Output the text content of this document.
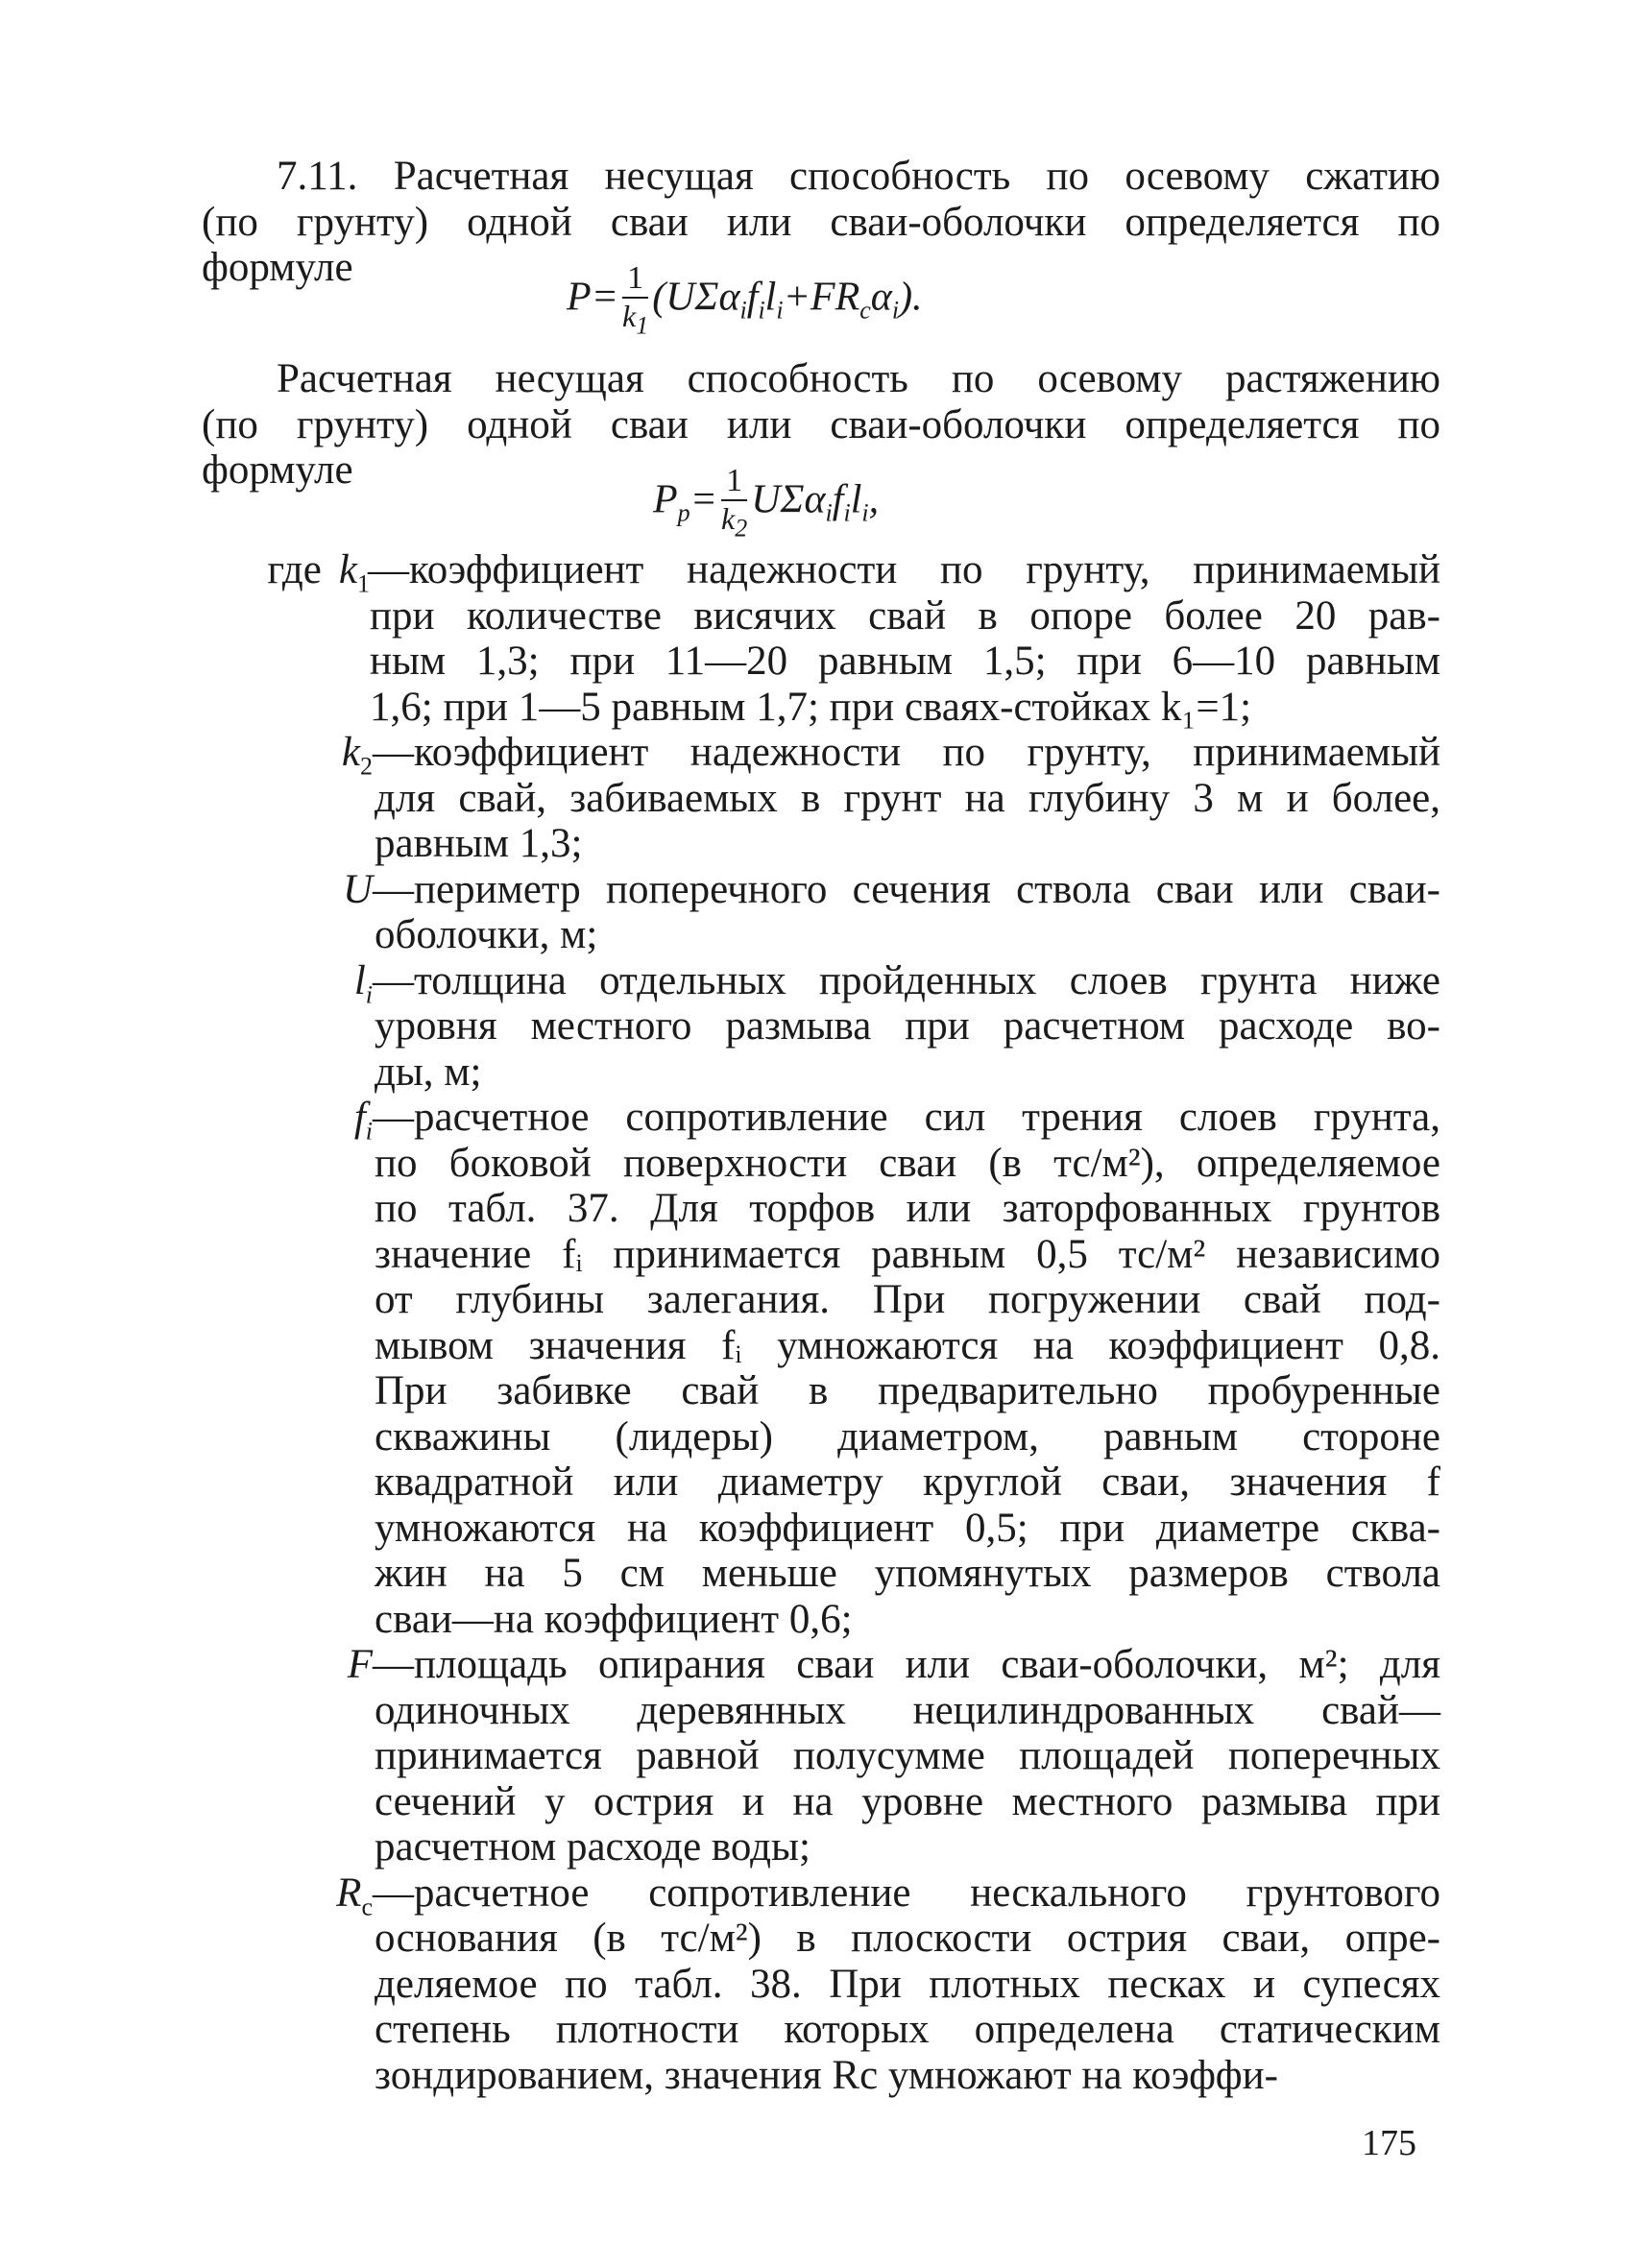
7.11. Расчетная несущая способность по осевому сжатию

(по грунту) одной сваи или сваи-оболочки определяется по

формуле
$P= \frac{1}{k_1} (U\Sigma\alpha_if_il_i+FR_c\alpha_i)$.

Расчетная несущая способность по осевому растяжению

(по грунту) одной сваи или сваи-оболочки определяется по

формуле
$P_p= \frac{1}{k_2} U\Sigma\alpha_if_il_i$,
где $k_1$

—коэффициент надежности по грунту, принимаемый

при количестве висячих свай в опоре более 20 рав-

ным 1,3; при 11—20 равным 1,5; при 6—10 равным

1,6; при 1—5 равным 1,7; при сваях-стойках k₁=1;

$k_2$ —коэффициент надежности по грунту, принимаемый

для свай, забиваемых в грунт на глубину 3 м и более,

равным 1,3;

U —периметр поперечного сечения ствола сваи или сваи-

оболочки, м;

$l_i$ —толщина отдельных пройденных слоев грунта ниже

уровня местного размыва при расчетном расходе во-

ды, м;

$f_i$ —расчетное сопротивление сил трения слоев грунта,

по боковой поверхности сваи (в тс/м²), определяемое

по табл. 37. Для торфов или заторфованных грунтов

значение fᵢ принимается равным 0,5 тс/м² независимо

от глубины залегания. При погружении свай под-

мывом значения fᵢ умножаются на коэффициент 0,8.

При забивке свай в предварительно пробуренные

скважины (лидеры) диаметром, равным стороне

квадратной или диаметру круглой сваи, значения f

умножаются на коэффициент 0,5; при диаметре сква-

жин на 5 см меньше упомянутых размеров ствола

сваи—на коэффициент 0,6;

F —площадь опирания сваи или сваи-оболочки, м²; для

одиночных деревянных нецилиндрованных свай—

принимается равной полусумме площадей поперечных

сечений у острия и на уровне местного размыва при

расчетном расходе воды;

$R_c$ —расчетное сопротивление нескального грунтового

основания (в тс/м²) в плоскости острия сваи, опре-

деляемое по табл. 38. При плотных песках и супесях

степень плотности которых определена статическим

зондированием, значения Rс умножают на коэффи-

175
